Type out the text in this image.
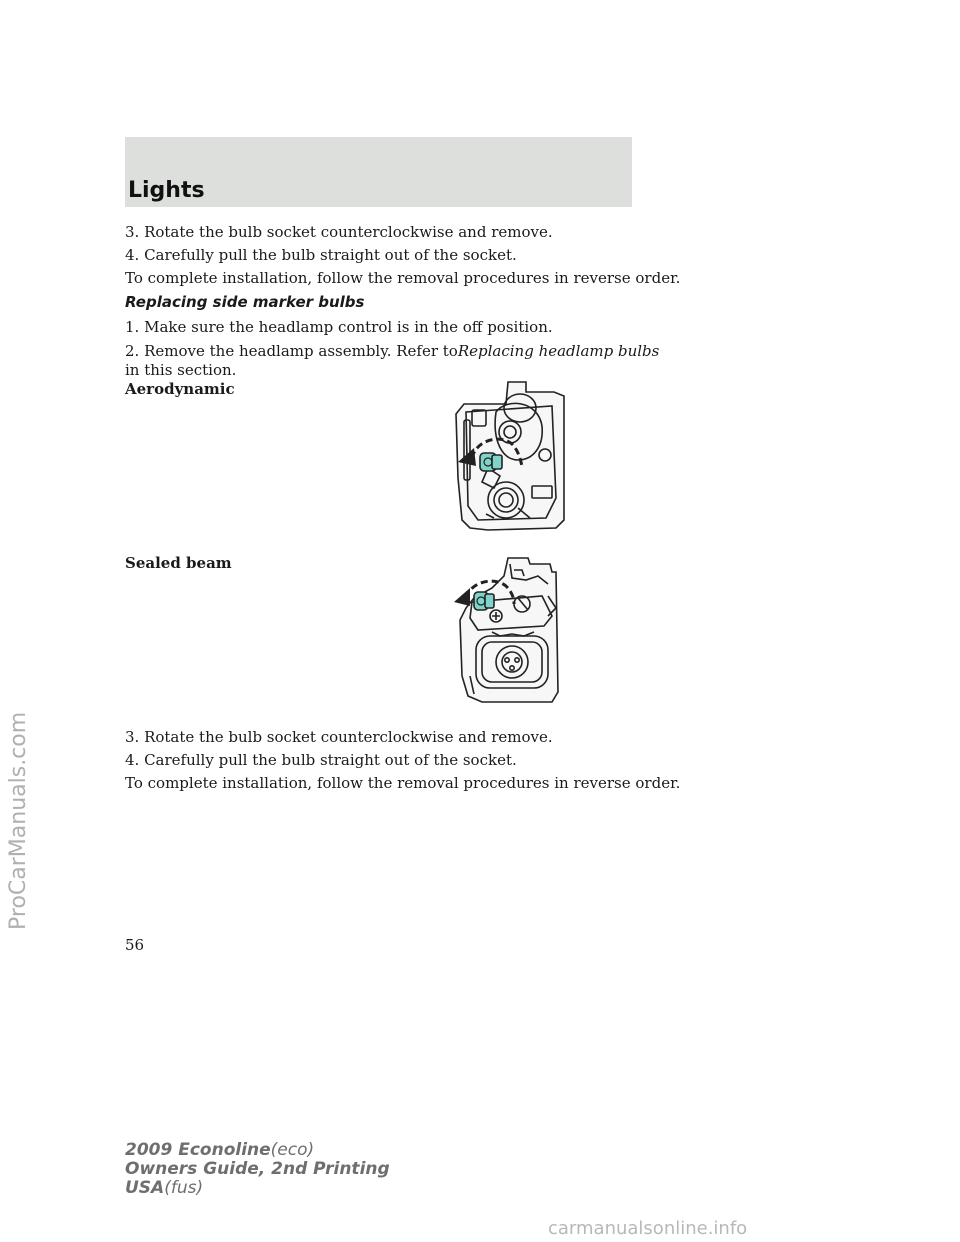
Lights
3. Rotate the bulb socket counterclockwise and remove.
4. Carefully pull the bulb straight out of the socket.
To complete installation, follow the removal procedures in reverse order.
Replacing side marker bulbs
1. Make sure the headlamp control is in the off position.
2. Remove the headlamp assembly. Refer toReplacing headlamp bulbs
in this section.
Aerodynamic
Sealed beam
3. Rotate the bulb socket counterclockwise and remove.
4. Carefully pull the bulb straight out of the socket.
To complete installation, follow the removal procedures in reverse order.
56
2009 Econoline(eco)
Owners Guide, 2nd Printing
USA(fus)
ProCarManuals.com
carmanualsonline.info
